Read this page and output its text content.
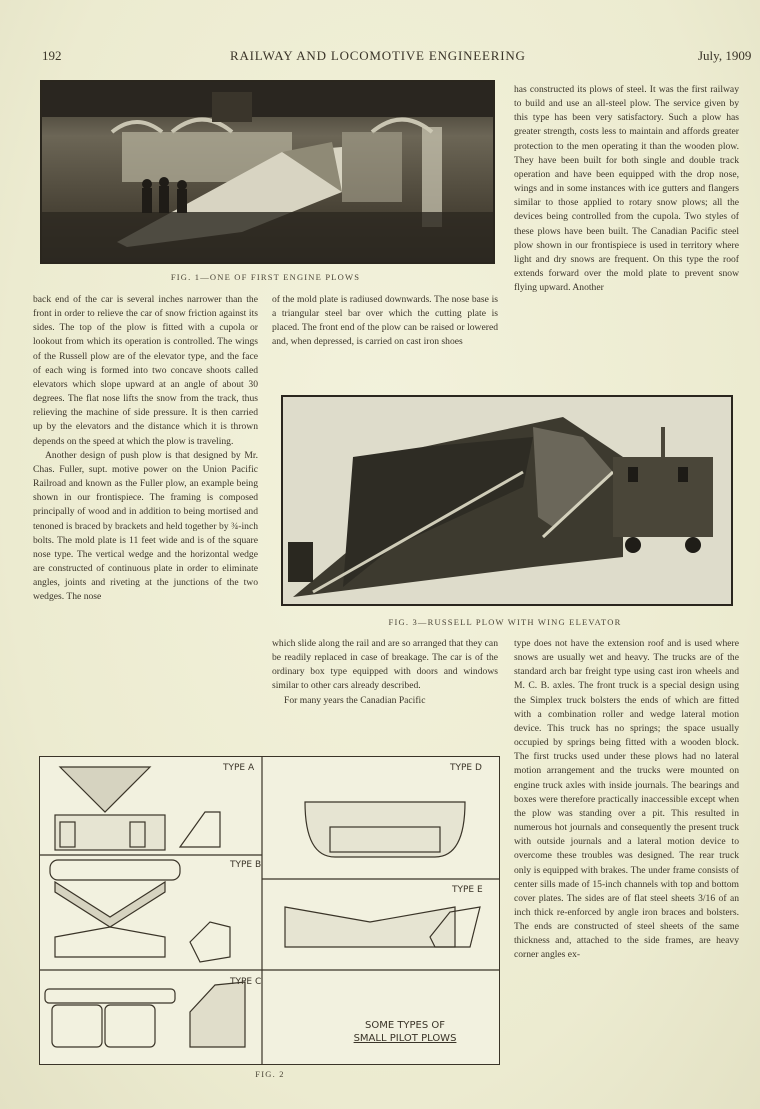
192	RAILWAY AND LOCOMOTIVE ENGINEERING	July, 1909
FIG. 1—ONE OF FIRST ENGINE PLOWS

has constructed its plows of steel. It was the first railway to build and use an all-steel plow. The service given by this type has been very satisfactory. Such a plow has greater strength, costs less to maintain and affords greater protection to the men operating it than the wooden plow. They have been built for both single and double track operation and have been equipped with the drop nose, wings and in some instances with ice gutters and flangers similar to those applied to rotary snow plows; all the devices being controlled from the cupola. Two styles of these plows have been built. The Canadian Pacific steel plow shown in our frontispiece is used in territory where light and dry snows are frequent. On this type the roof extends forward over the mold plate to prevent snow flying upward. Another

back end of the car is several inches narrower than the front in order to relieve the car of snow friction against its sides. The top of the plow is fitted with a cupola or lookout from which its operation is controlled. The wings of the Russell plow are of the elevator type, and the face of each wing is formed into two concave shoots called elevators which slope upward at an angle of about 30 degrees. The flat nose lifts the snow from the track, thus relieving the machine of side pressure. It is then carried up by the elevators and the distance which it is thrown depends on the speed at which the plow is traveling.

Another design of push plow is that designed by Mr. Chas. Fuller, supt. motive power on the Union Pacific Railroad and known as the Fuller plow, an example being shown in our frontispiece. The framing is composed principally of wood and in addition to being mortised and tenoned is braced by brackets and held together by ¾-inch bolts. The mold plate is 11 feet wide and is of the square nose type. The vertical wedge and the horizontal wedge are constructed of continuous plate in order to eliminate angles, joints and riveting at the junctions of the two wedges. The nose

of the mold plate is radiused downwards. The nose base is a triangular steel bar over which the cutting plate is placed. The front end of the plow can be raised or lowered and, when depressed, is carried on cast iron shoes

FIG. 3—RUSSELL PLOW WITH WING ELEVATOR

which slide along the rail and are so arranged that they can be readily replaced in case of breakage. The car is of the ordinary box type equipped with doors and windows similar to other cars already described.

For many years the Canadian Pacific

type does not have the extension roof and is used where snows are usually wet and heavy. The trucks are of the standard arch bar freight type using cast iron wheels and M. C. B. axles. The front truck is a special design using the Simplex truck bolsters the ends of which are fitted with a combination roller and wedge lateral motion device. This truck has no springs; the space usually occupied by springs being fitted with a wooden block. The first trucks used under these plows had no lateral motion arrangement and the trucks were mounted on engine truck axles with inside journals. The bearings and boxes were therefore practically inaccessible except when the plow was standing over a pit. This resulted in numerous hot journals and consequently the present truck with outside journals and a lateral motion device to overcome these troubles was designed. The rear truck only is equipped with brakes. The under frame consists of center sills made of 15-inch channels with top and bottom cover plates. The sides are of flat steel sheets 3/16 of an inch thick re-enforced by angle iron braces and bolsters. The ends are constructed of steel sheets of the same thickness and, attached to the side frames, are heavy corner angles ex-

TYPE A	TYPE D
TYPE B
TYPE E
TYPE C
SOME TYPES OF
SMALL PILOT PLOWS
FIG. 2
